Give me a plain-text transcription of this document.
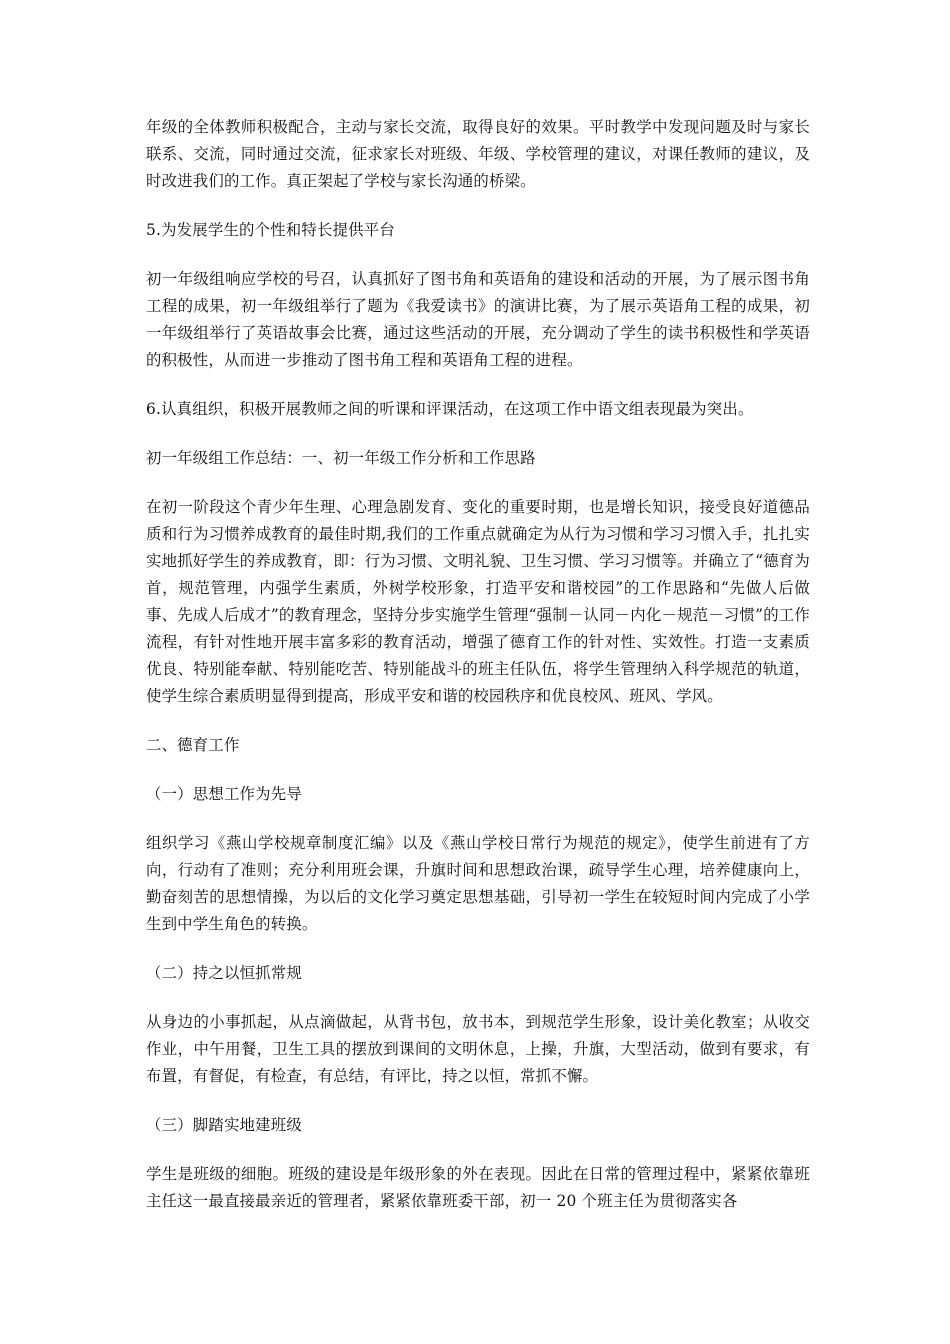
年级的全体教师积极配合，主动与家长交流，取得良好的效果。平时教学中发现问题及时与家长联系、交流，同时通过交流，征求家长对班级、年级、学校管理的建议，对课任教师的建议，及时改进我们的工作。真正架起了学校与家长沟通的桥梁。

5.为发展学生的个性和特长提供平台

初一年级组响应学校的号召，认真抓好了图书角和英语角的建设和活动的开展，为了展示图书角工程的成果，初一年级组举行了题为《我爱读书》的演讲比赛，为了展示英语角工程的成果，初一年级组举行了英语故事会比赛，通过这些活动的开展，充分调动了学生的读书积极性和学英语的积极性，从而进一步推动了图书角工程和英语角工程的进程。

6.认真组织，积极开展教师之间的听课和评课活动，在这项工作中语文组表现最为突出。

初一年级组工作总结：一、初一年级工作分析和工作思路

在初一阶段这个青少年生理、心理急剧发育、变化的重要时期，也是增长知识，接受良好道德品质和行为习惯养成教育的最佳时期,我们的工作重点就确定为从行为习惯和学习习惯入手，扎扎实实地抓好学生的养成教育，即：行为习惯、文明礼貌、卫生习惯、学习习惯等。并确立了“德育为首，规范管理，内强学生素质，外树学校形象，打造平安和谐校园”的工作思路和“先做人后做事、先成人后成才”的教育理念，坚持分步实施学生管理“强制－认同－内化－规范－习惯”的工作流程，有针对性地开展丰富多彩的教育活动，增强了德育工作的针对性、实效性。打造一支素质优良、特别能奉献、特别能吃苦、特别能战斗的班主任队伍，将学生管理纳入科学规范的轨道，使学生综合素质明显得到提高，形成平安和谐的校园秩序和优良校风、班风、学风。

二、德育工作

（一）思想工作为先导

组织学习《燕山学校规章制度汇编》以及《燕山学校日常行为规范的规定》，使学生前进有了方向，行动有了准则；充分利用班会课，升旗时间和思想政治课，疏导学生心理，培养健康向上，勤奋刻苦的思想情操，为以后的文化学习奠定思想基础，引导初一学生在较短时间内完成了小学生到中学生角色的转换。

（二）持之以恒抓常规

从身边的小事抓起，从点滴做起，从背书包，放书本，到规范学生形象，设计美化教室；从收交作业，中午用餐，卫生工具的摆放到课间的文明休息，上操，升旗，大型活动，做到有要求，有布置，有督促，有检查，有总结，有评比，持之以恒，常抓不懈。

（三）脚踏实地建班级

学生是班级的细胞。班级的建设是年级形象的外在表现。因此在日常的管理过程中，紧紧依靠班主任这一最直接最亲近的管理者，紧紧依靠班委干部，初一 20 个班主任为贯彻落实各
